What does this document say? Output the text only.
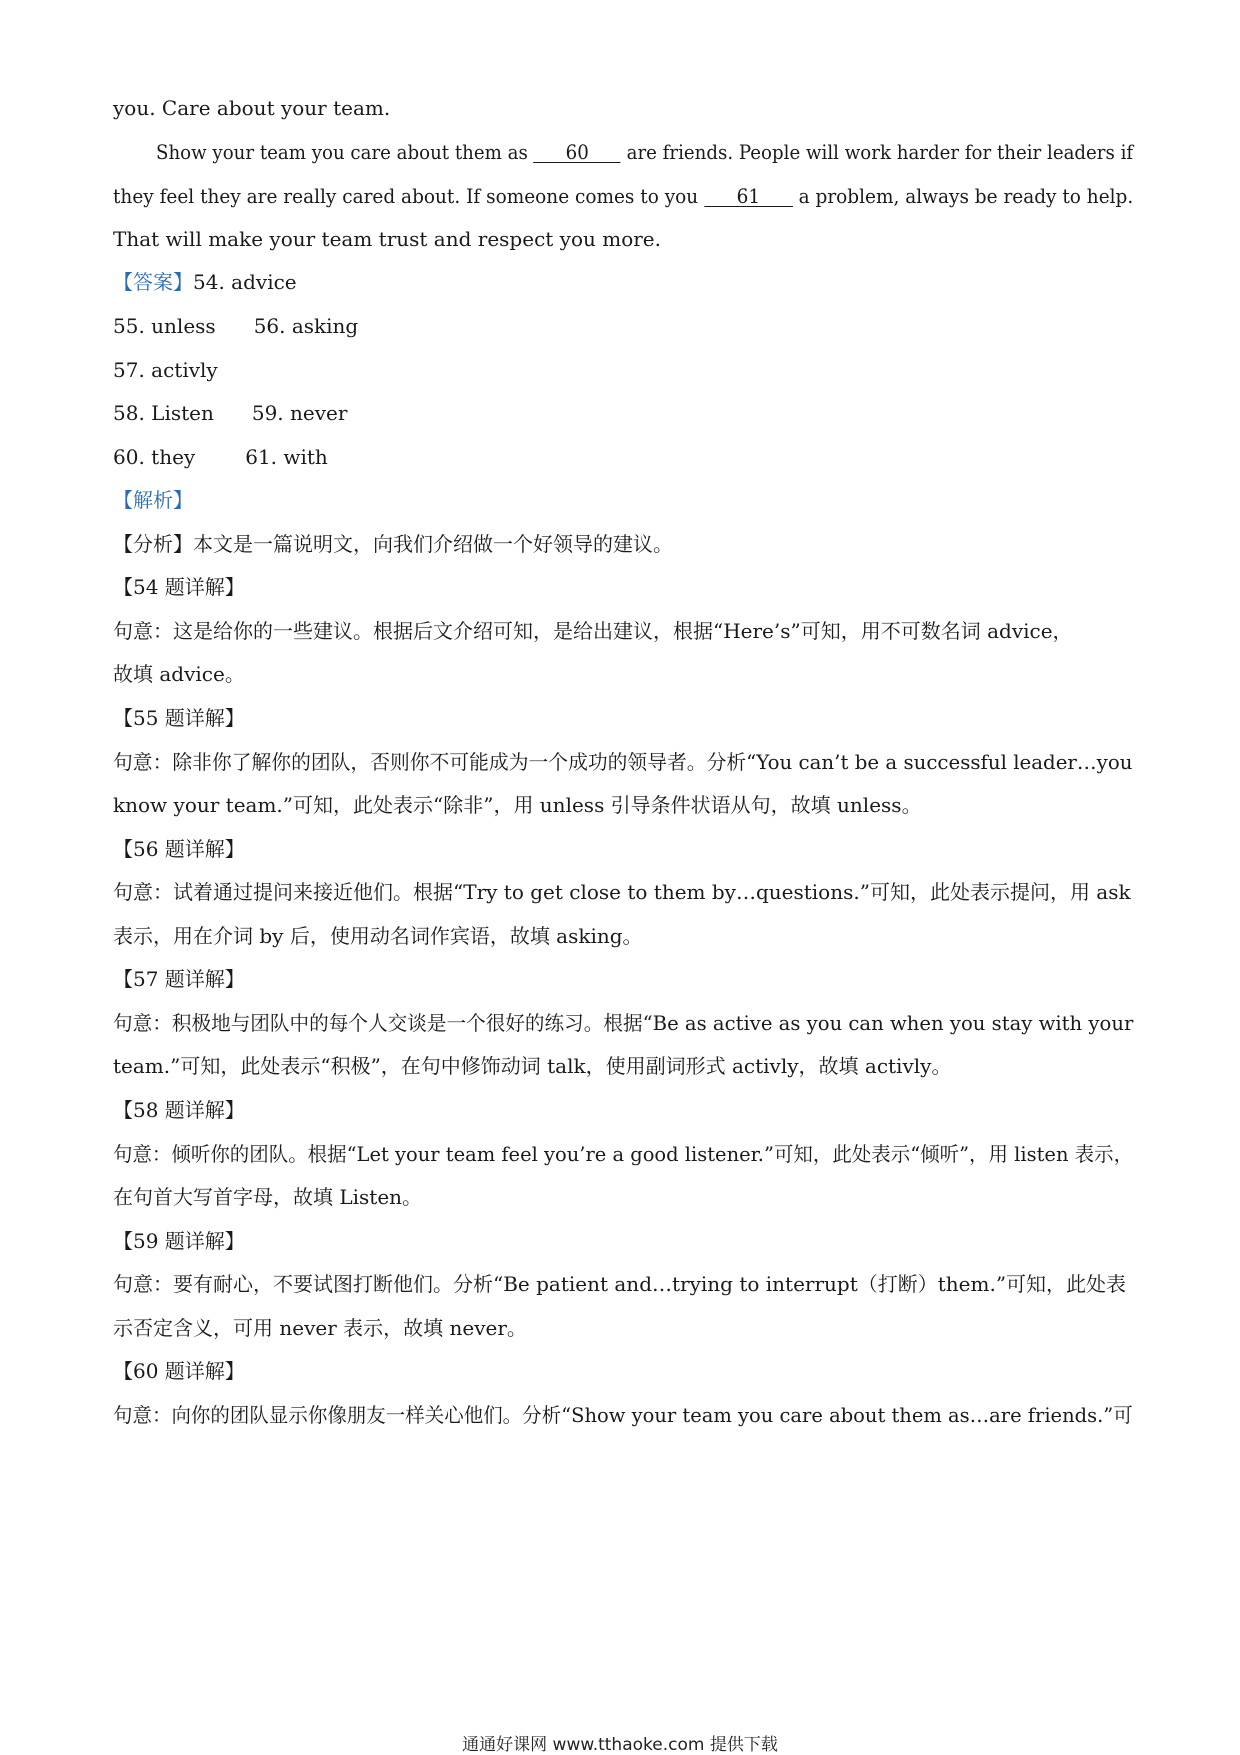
you. Care about your team.
Show your team you care about them as 60 are friends. People will work harder for their leaders if
they feel they are really cared about. If someone comes to you 61 a problem, always be ready to help.
That will make your team trust and respect you more.
【答案】54. advice
55. unless 56. asking
57. activly
58. Listen 59. never
60. they	61. with
【解析】
【分析】本文是一篇说明文，向我们介绍做一个好领导的建议。
【54 题详解】
句意：这是给你的一些建议。根据后文介绍可知，是给出建议，根据“Here’s”可知，用不可数名词 advice，
故填 advice。
【55 题详解】
句意：除非你了解你的团队，否则你不可能成为一个成功的领导者。分析“You can’t be a successful leader…you
know your team.”可知，此处表示“除非”，用 unless 引导条件状语从句，故填 unless。
【56 题详解】
句意：试着通过提问来接近他们。根据“Try to get close to them by…questions.”可知，此处表示提问，用 ask
表示，用在介词 by 后，使用动名词作宾语，故填 asking。
【57 题详解】
句意：积极地与团队中的每个人交谈是一个很好的练习。根据“Be as active as you can when you stay with your
team.”可知，此处表示“积极”，在句中修饰动词 talk，使用副词形式 activly，故填 activly。
【58 题详解】
句意：倾听你的团队。根据“Let your team feel you’re a good listener.”可知，此处表示“倾听”，用 listen 表示，
在句首大写首字母，故填 Listen。
【59 题详解】
句意：要有耐心，不要试图打断他们。分析“Be patient and…trying to interrupt（打断）them.”可知，此处表
示否定含义，可用 never 表示，故填 never。
【60 题详解】
句意：向你的团队显示你像朋友一样关心他们。分析“Show your team you care about them as…are friends.”可
通通好课网 www.tthaoke.com 提供下载
